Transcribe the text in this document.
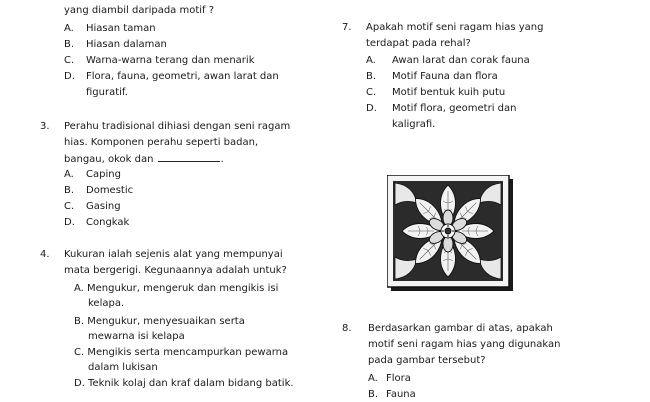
yang diambil daripada motif ?
A. Hiasan taman
B. Hiasan dalaman
C. Warna-warna terang dan menarik
D. Flora, fauna, geometri, awan larat dan
figuratif.
3. Perahu tradisional dihiasi dengan seni ragam
hias. Komponen perahu seperti badan,
bangau, okok dan	.
A. Caping
B. Domestic
C. Gasing
D. Congkak
4. Kukuran ialah sejenis alat yang mempunyai
mata bergerigi. Kegunaannya adalah untuk?
A. Mengukur, mengeruk dan mengikis isi
kelapa.
B. Mengukur, menyesuaikan serta
mewarna isi kelapa
C. Mengikis serta mencampurkan pewarna
dalam lukisan
D. Teknik kolaj dan kraf dalam bidang batik.
7. Apakah motif seni ragam hias yang
terdapat pada rehal?
A. Awan larat dan corak fauna
B. Motif Fauna dan flora
C. Motif bentuk kuih putu
D. Motif flora, geometri dan
kaligrafi.
8. Berdasarkan gambar di atas, apakah
motif seni ragam hias yang digunakan
pada gambar tersebut?
A. Flora
B. Fauna
